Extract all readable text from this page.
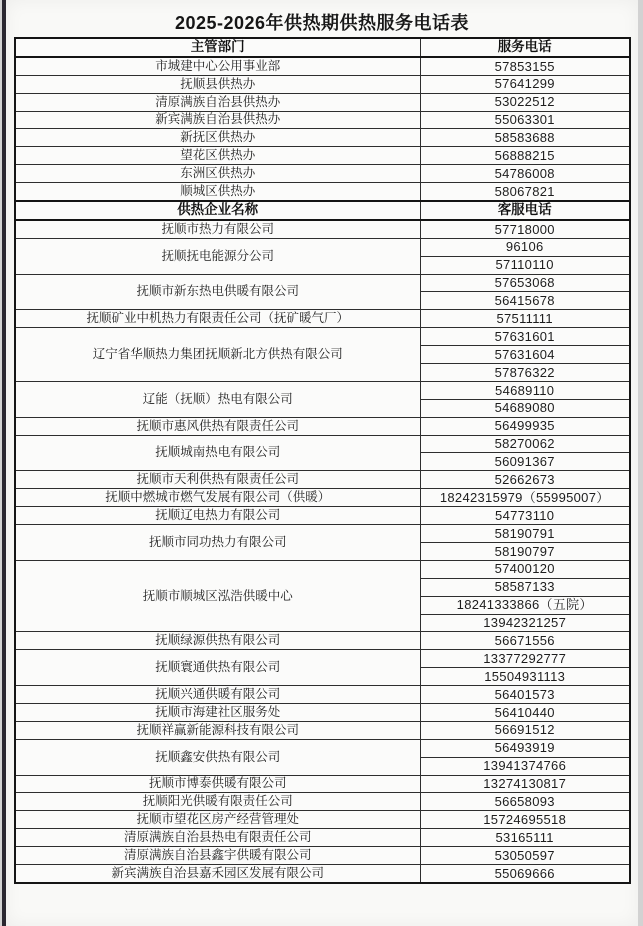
2025-2026年供热期供热服务电话表
主管部门	服务电话
市城建中心公用事业部	57853155
抚顺县供热办	57641299
清原满族自治县供热办	53022512
新宾满族自治县供热办	55063301
新抚区供热办	58583688
望花区供热办	56888215
东洲区供热办	54786008
顺城区供热办	58067821
供热企业名称	客服电话
抚顺市热力有限公司	57718000
抚顺抚电能源分公司	96106
	57110110
抚顺市新东热电供暖有限公司	57653068
	56415678
抚顺矿业中机热力有限责任公司（抚矿暖气厂）	57511111
辽宁省华顺热力集团抚顺新北方供热有限公司	57631601
	57631604
	57876322
辽能（抚顺）热电有限公司	54689110
	54689080
抚顺市惠风供热有限责任公司	56499935
抚顺城南热电有限公司	58270062
	56091367
抚顺市天利供热有限责任公司	52662673
抚顺中燃城市燃气发展有限公司（供暖）	18242315979（55995007）
抚顺辽电热力有限公司	54773110
抚顺市同功热力有限公司	58190791
	58190797
抚顺市顺城区泓浩供暖中心	57400120
	58587133
	18241333866（五院）
	13942321257
抚顺绿源供热有限公司	56671556
抚顺寰通供热有限公司	13377292777
	15504931113
抚顺兴通供暖有限公司	56401573
抚顺市海建社区服务处	56410440
抚顺祥赢新能源科技有限公司	56691512
抚顺鑫安供热有限公司	56493919
	13941374766
抚顺市博泰供暖有限公司	13274130817
抚顺阳光供暖有限责任公司	56658093
抚顺市望花区房产经营管理处	15724695518
清原满族自治县热电有限责任公司	53165111
清原满族自治县鑫宇供暖有限公司	53050597
新宾满族自治县嘉禾园区发展有限公司	55069666
